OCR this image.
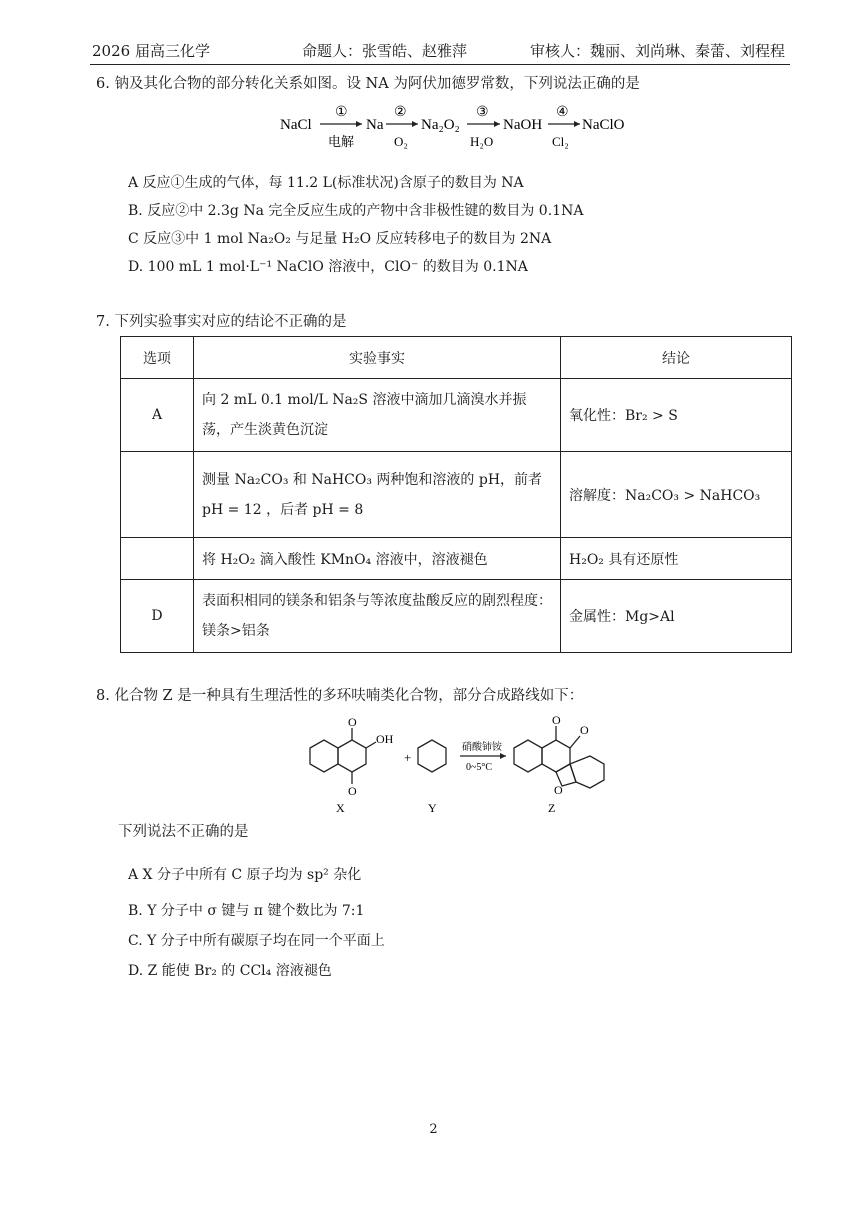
2026 届高三化学	命题人：张雪皓、赵雅萍	审核人：魏丽、刘尚琳、秦蕾、刘程程
6. 钠及其化合物的部分转化关系如图。设 NA 为阿伏加德罗常数，下列说法正确的是
NaCl
①
电解
Na
②
O₂
Na₂O₂
③
H₂O
NaOH
④
Cl₂
NaClO
A 反应①生成的气体，每 11.2 L(标准状况)含原子的数目为 NA
B. 反应②中 2.3g Na 完全反应生成的产物中含非极性键的数目为 0.1NA
C 反应③中 1 mol Na₂O₂ 与足量 H₂O 反应转移电子的数目为 2NA
D. 100 mL 1 mol·L⁻¹ NaClO 溶液中，ClO⁻ 的数目为 0.1NA
7. 下列实验事实对应的结论不正确的是
选项	实验事实	结论
A	向 2 mL 0.1 mol/L Na₂S 溶液中滴加几滴溴水并振荡，产生淡黄色沉淀	氧化性：Br₂ > S
	测量 Na₂CO₃ 和 NaHCO₃ 两种饱和溶液的 pH，前者 pH = 12 ，后者 pH = 8	溶解度：Na₂CO₃ > NaHCO₃
	将 H₂O₂ 滴入酸性 KMnO₄ 溶液中，溶液褪色	H₂O₂ 具有还原性
D	表面积相同的镁条和铝条与等浓度盐酸反应的剧烈程度：镁条>铝条	金属性：Mg>Al
8. 化合物 Z 是一种具有生理活性的多环呋喃类化合物，部分合成路线如下：
O
O
OH
X
+
Y
硝酸铈铵
0~5°C
O
O
O
Z
下列说法不正确的是
A X 分子中所有 C 原子均为 sp² 杂化
B. Y 分子中 σ 键与 π 键个数比为 7:1
C. Y 分子中所有碳原子均在同一个平面上
D. Z 能使 Br₂ 的 CCl₄ 溶液褪色
2
